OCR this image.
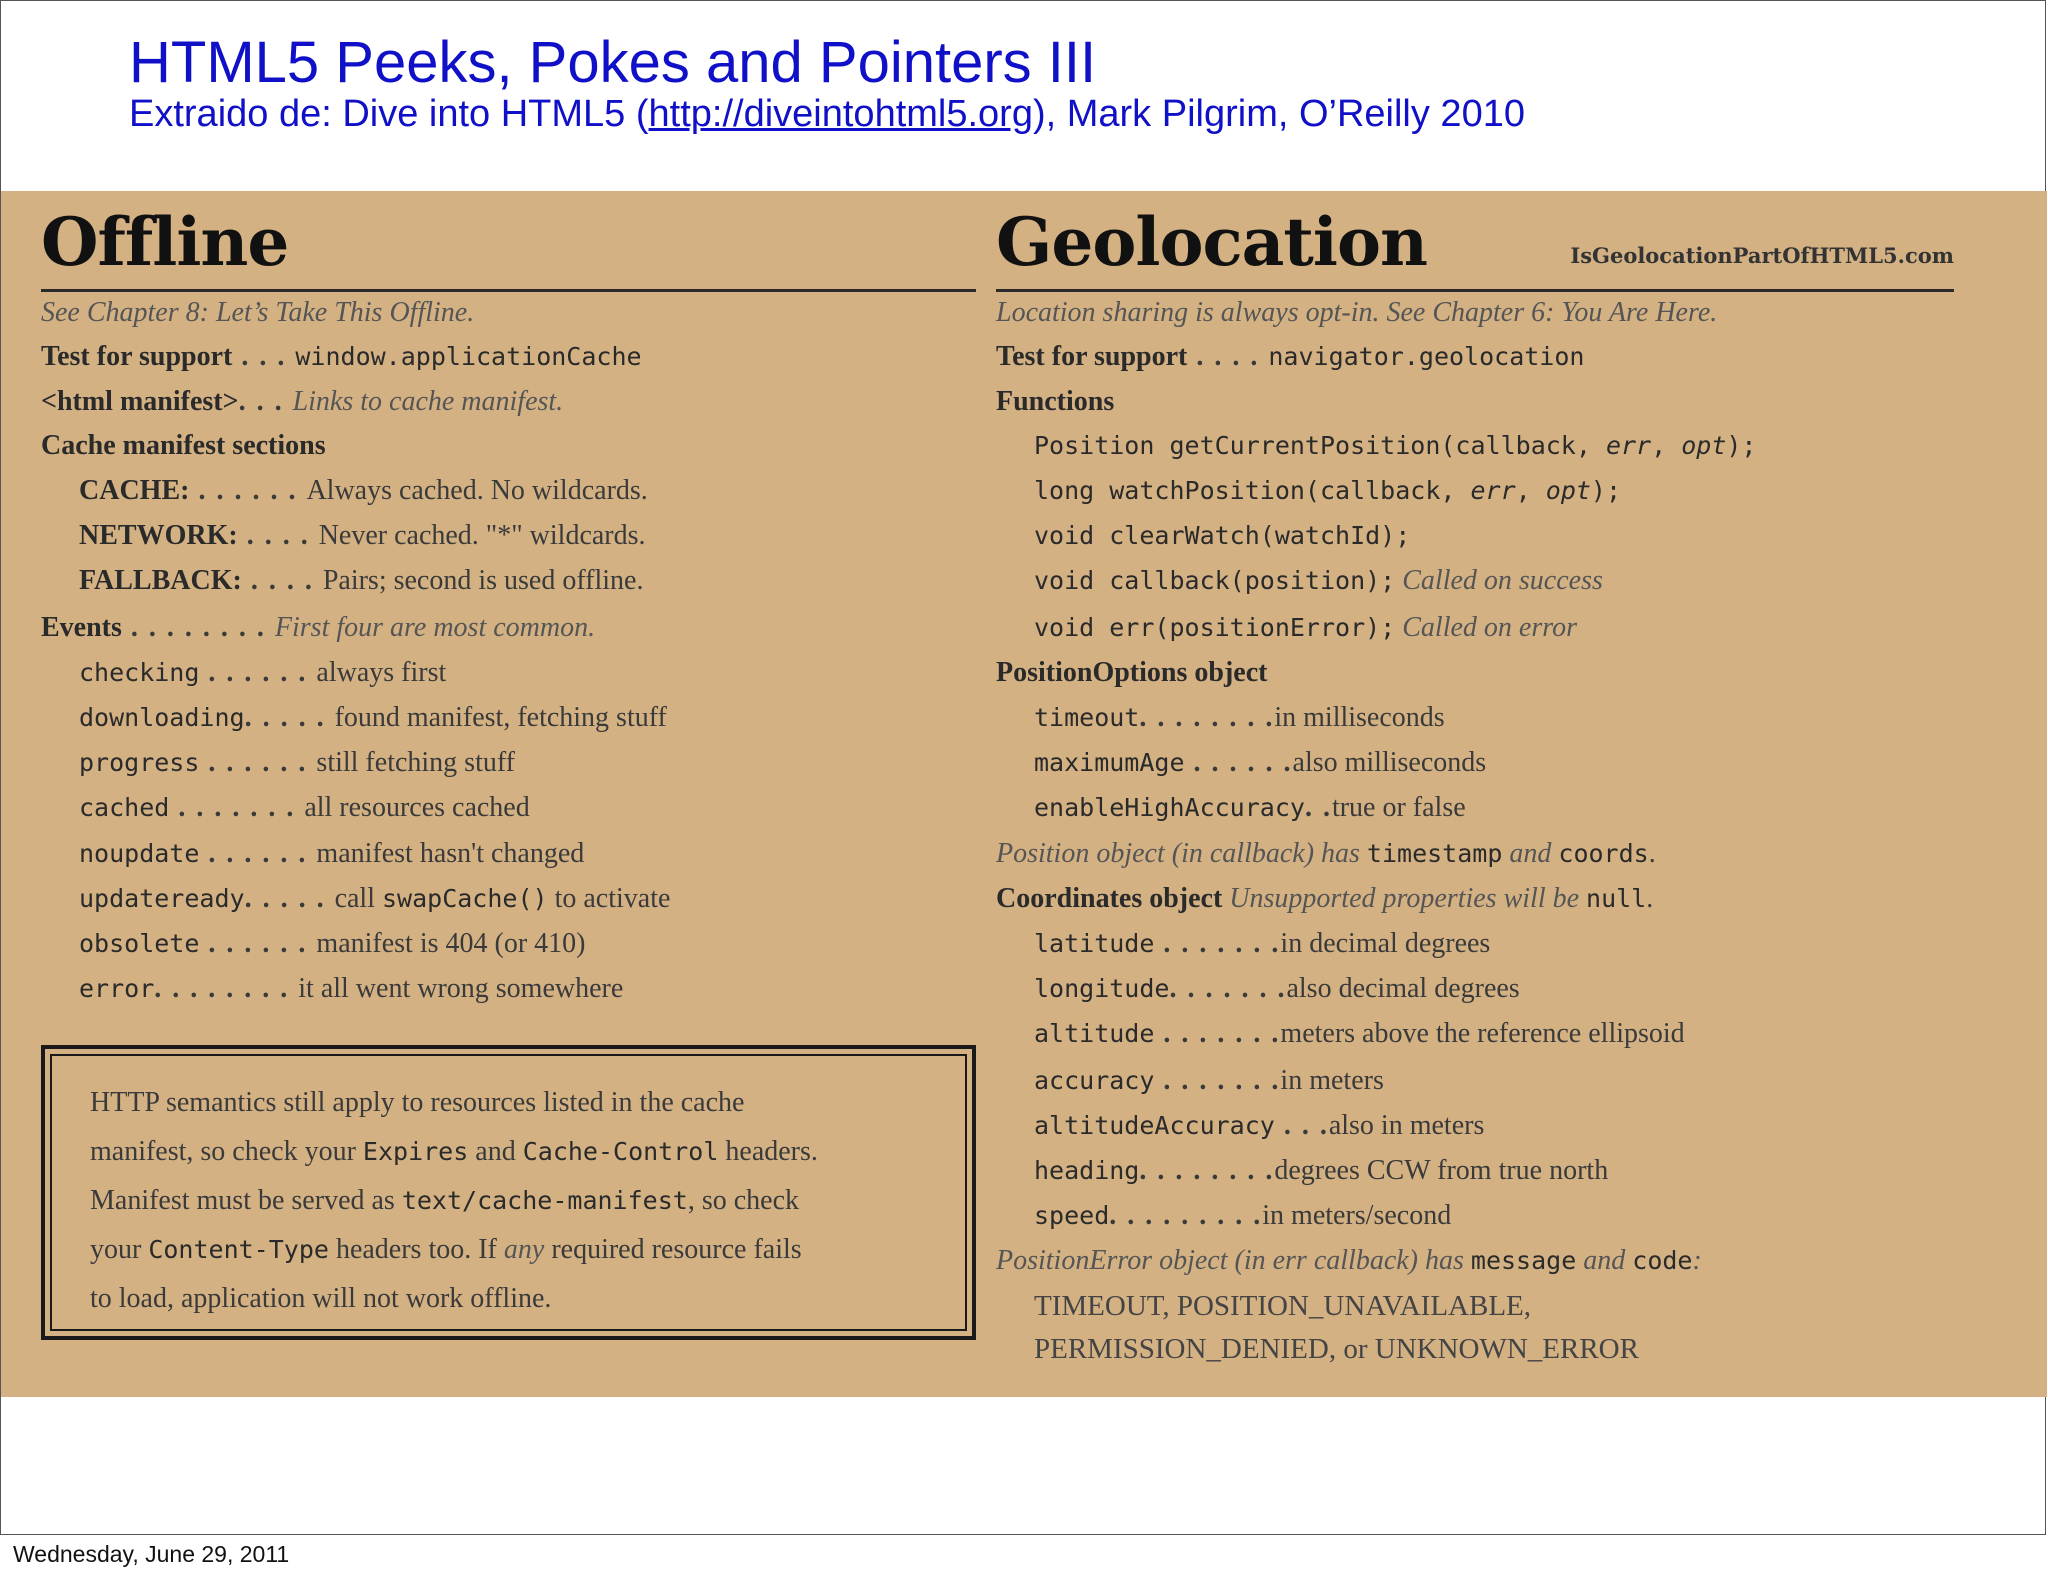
HTML5 Peeks, Pokes and Pointers III
Extraido de: Dive into HTML5 (http://diveintohtml5.org), Mark Pilgrim, O’Reilly 2010
Offline
See Chapter 8: Let’s Take This Offline.
Test for support . . . window.applicationCache
<html manifest>. . . Links to cache manifest.
Cache manifest sections
CACHE: . . . . . . Always cached. No wildcards.
NETWORK: . . . . Never cached. "*" wildcards.
FALLBACK: . . . . Pairs; second is used offline.
Events . . . . . . . . First four are most common.
checking . . . . . . always first
downloading. . . . . found manifest, fetching stuff
progress . . . . . . still fetching stuff
cached . . . . . . . all resources cached
noupdate . . . . . . manifest hasn't changed
updateready. . . . . call swapCache() to activate
obsolete . . . . . . manifest is 404 (or 410)
error. . . . . . . . it all went wrong somewhere
HTTP semantics still apply to resources listed in the cache
manifest, so check your Expires and Cache-Control headers.
Manifest must be served as text/cache-manifest, so check
your Content-Type headers too. If any required resource fails
to load, application will not work offline.
Geolocation	IsGeolocationPartOfHTML5.com
Location sharing is always opt-in. See Chapter 6: You Are Here.
Test for support . . . . navigator.geolocation
Functions
Position getCurrentPosition(callback, err, opt);
long watchPosition(callback, err, opt);
void clearWatch(watchId);
void callback(position); Called on success
void err(positionError); Called on error
PositionOptions object
timeout. . . . . . . .in milliseconds
maximumAge . . . . . .also milliseconds
enableHighAccuracy. .true or false
Position object (in callback) has timestamp and coords.
Coordinates object Unsupported properties will be null.
latitude . . . . . . .in decimal degrees
longitude. . . . . . .also decimal degrees
altitude . . . . . . .meters above the reference ellipsoid
accuracy . . . . . . .in meters
altitudeAccuracy . . .also in meters
heading. . . . . . . .degrees CCW from true north
speed. . . . . . . . .in meters/second
PositionError object (in err callback) has message and code:
TIMEOUT, POSITION_UNAVAILABLE,
PERMISSION_DENIED, or UNKNOWN_ERROR
Wednesday, June 29, 2011
